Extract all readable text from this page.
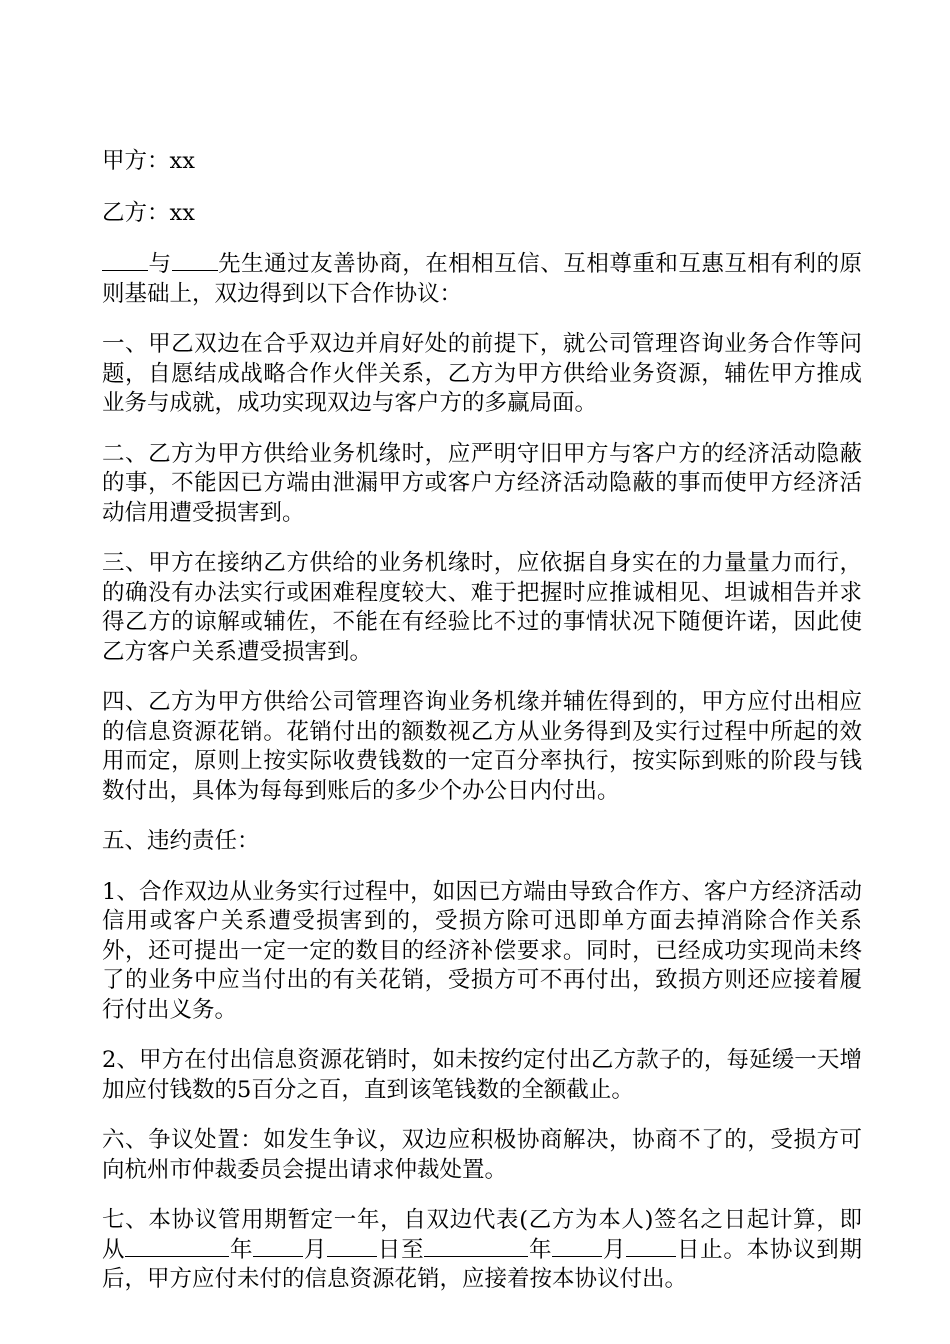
甲方：xx

乙方：xx

与 先生通过友善协商，在相相互信、互相尊重和互惠互相有利的原则基础上，双边得到以下合作协议：

一、甲乙双边在合乎双边并肩好处的前提下，就公司管理咨询业务合作等问题，自愿结成战略合作火伴关系，乙方为甲方供给业务资源，辅佐甲方推成业务与成就，成功实现双边与客户方的多赢局面。

二、乙方为甲方供给业务机缘时，应严明守旧甲方与客户方的经济活动隐蔽的事，不能因已方端由泄漏甲方或客户方经济活动隐蔽的事而使甲方经济活动信用遭受损害到。

三、甲方在接纳乙方供给的业务机缘时，应依据自身实在的力量量力而行，的确没有办法实行或困难程度较大、难于把握时应推诚相见、坦诚相告并求得乙方的谅解或辅佐，不能在有经验比不过的事情状况下随便许诺，因此使乙方客户关系遭受损害到。

四、乙方为甲方供给公司管理咨询业务机缘并辅佐得到的，甲方应付出相应的信息资源花销。花销付出的额数视乙方从业务得到及实行过程中所起的效用而定，原则上按实际收费钱数的一定百分率执行，按实际到账的阶段与钱数付出，具体为每每到账后的多少个办公日内付出。

五、违约责任：

1、合作双边从业务实行过程中，如因已方端由导致合作方、客户方经济活动信用或客户关系遭受损害到的，受损方除可迅即单方面去掉消除合作关系外，还可提出一定一定的数目的经济补偿要求。同时，已经成功实现尚未终了的业务中应当付出的有关花销，受损方可不再付出，致损方则还应接着履行付出义务。

2、甲方在付出信息资源花销时，如未按约定付出乙方款子的，每延缓一天增加应付钱数的5百分之百，直到该笔钱数的全额截止。

六、争议处置：如发生争议，双边应积极协商解决，协商不了的，受损方可向杭州市仲裁委员会提出请求仲裁处置。

七、本协议管用期暂定一年，自双边代表(乙方为本人)签名之日起计算，即从	年 月 日至	年 月 日止。本协议到期后，甲方应付未付的信息资源花销，应接着按本协议付出。
